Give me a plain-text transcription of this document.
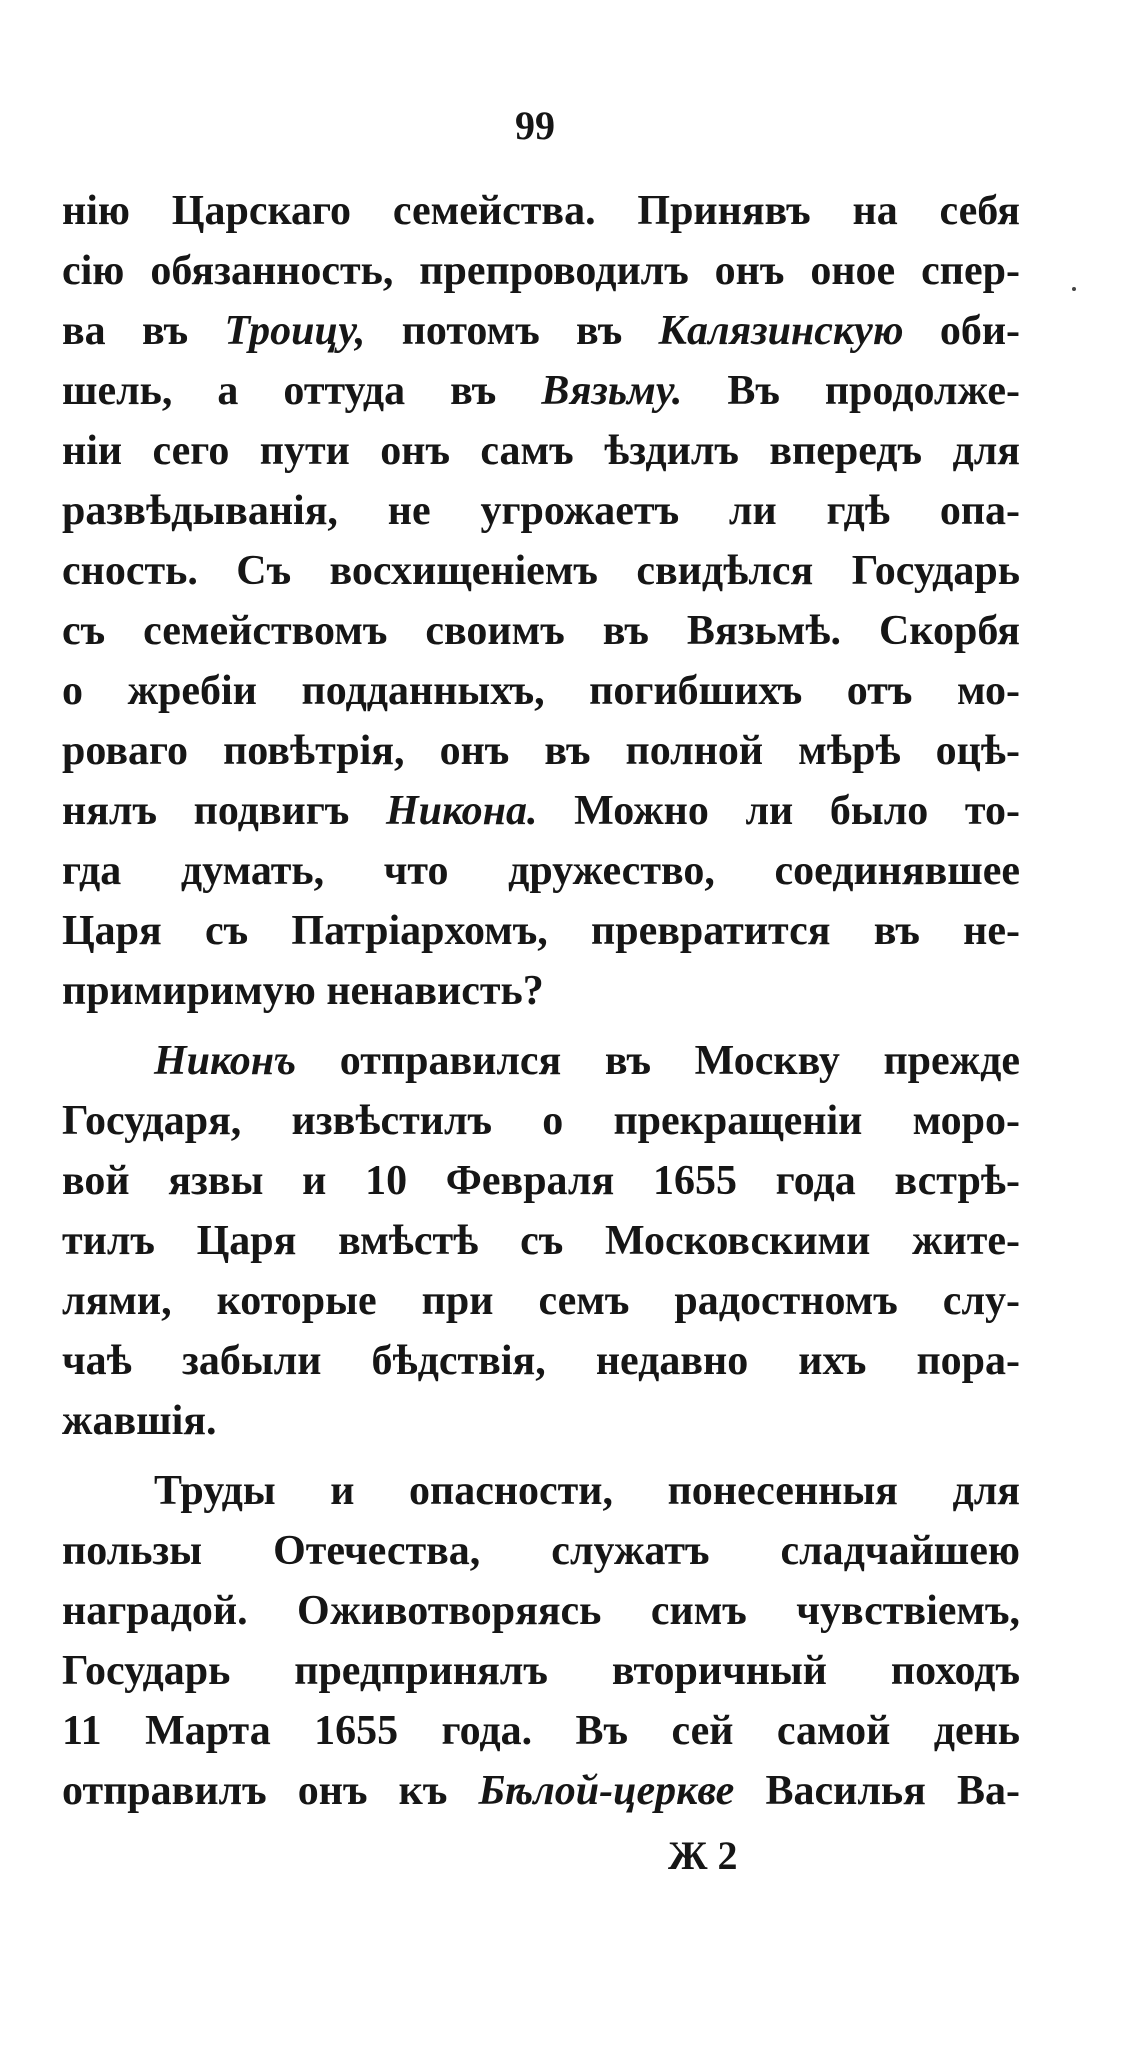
99
нію Царскаго семейства. Принявъ на себя
сію обязанность, препроводилъ онъ оное спер-
ва въ Троицу, потомъ въ Калязинскую оби-
шель, а оттуда въ Вязьму. Въ продолже-
ніи сего пути онъ самъ ѣздилъ впередъ для
развѣдыванія, не угрожаетъ ли гдѣ опа-
сность. Съ восхищеніемъ свидѣлся Государь
съ семействомъ своимъ въ Вязьмѣ. Скорбя
о жребіи подданныхъ, погибшихъ отъ мо-
роваго повѣтрія, онъ въ полной мѣрѣ оцѣ-
нялъ подвигъ Никона. Можно ли было то-
гда думать, что дружество, соединявшее
Царя съ Патріархомъ, превратится въ не-
примиримую ненависть?
Никонъ отправился въ Москву прежде
Государя, извѣстилъ о прекращеніи моро-
вой язвы и 10 Февраля 1655 года встрѣ-
тилъ Царя вмѣстѣ съ Московскими жите-
лями, которые при семъ радостномъ слу-
чаѣ забыли бѣдствія, недавно ихъ пора-
жавшія.
Труды и опасности, понесенныя для
пользы Отечества, служатъ сладчайшею
наградой. Оживотворяясь симъ чувствіемъ,
Государь предпринялъ вторичный походъ
11 Марта 1655 года. Въ сей самой день
отправилъ онъ къ Бѣлой-церкве Василья Ва-
Ж 2
